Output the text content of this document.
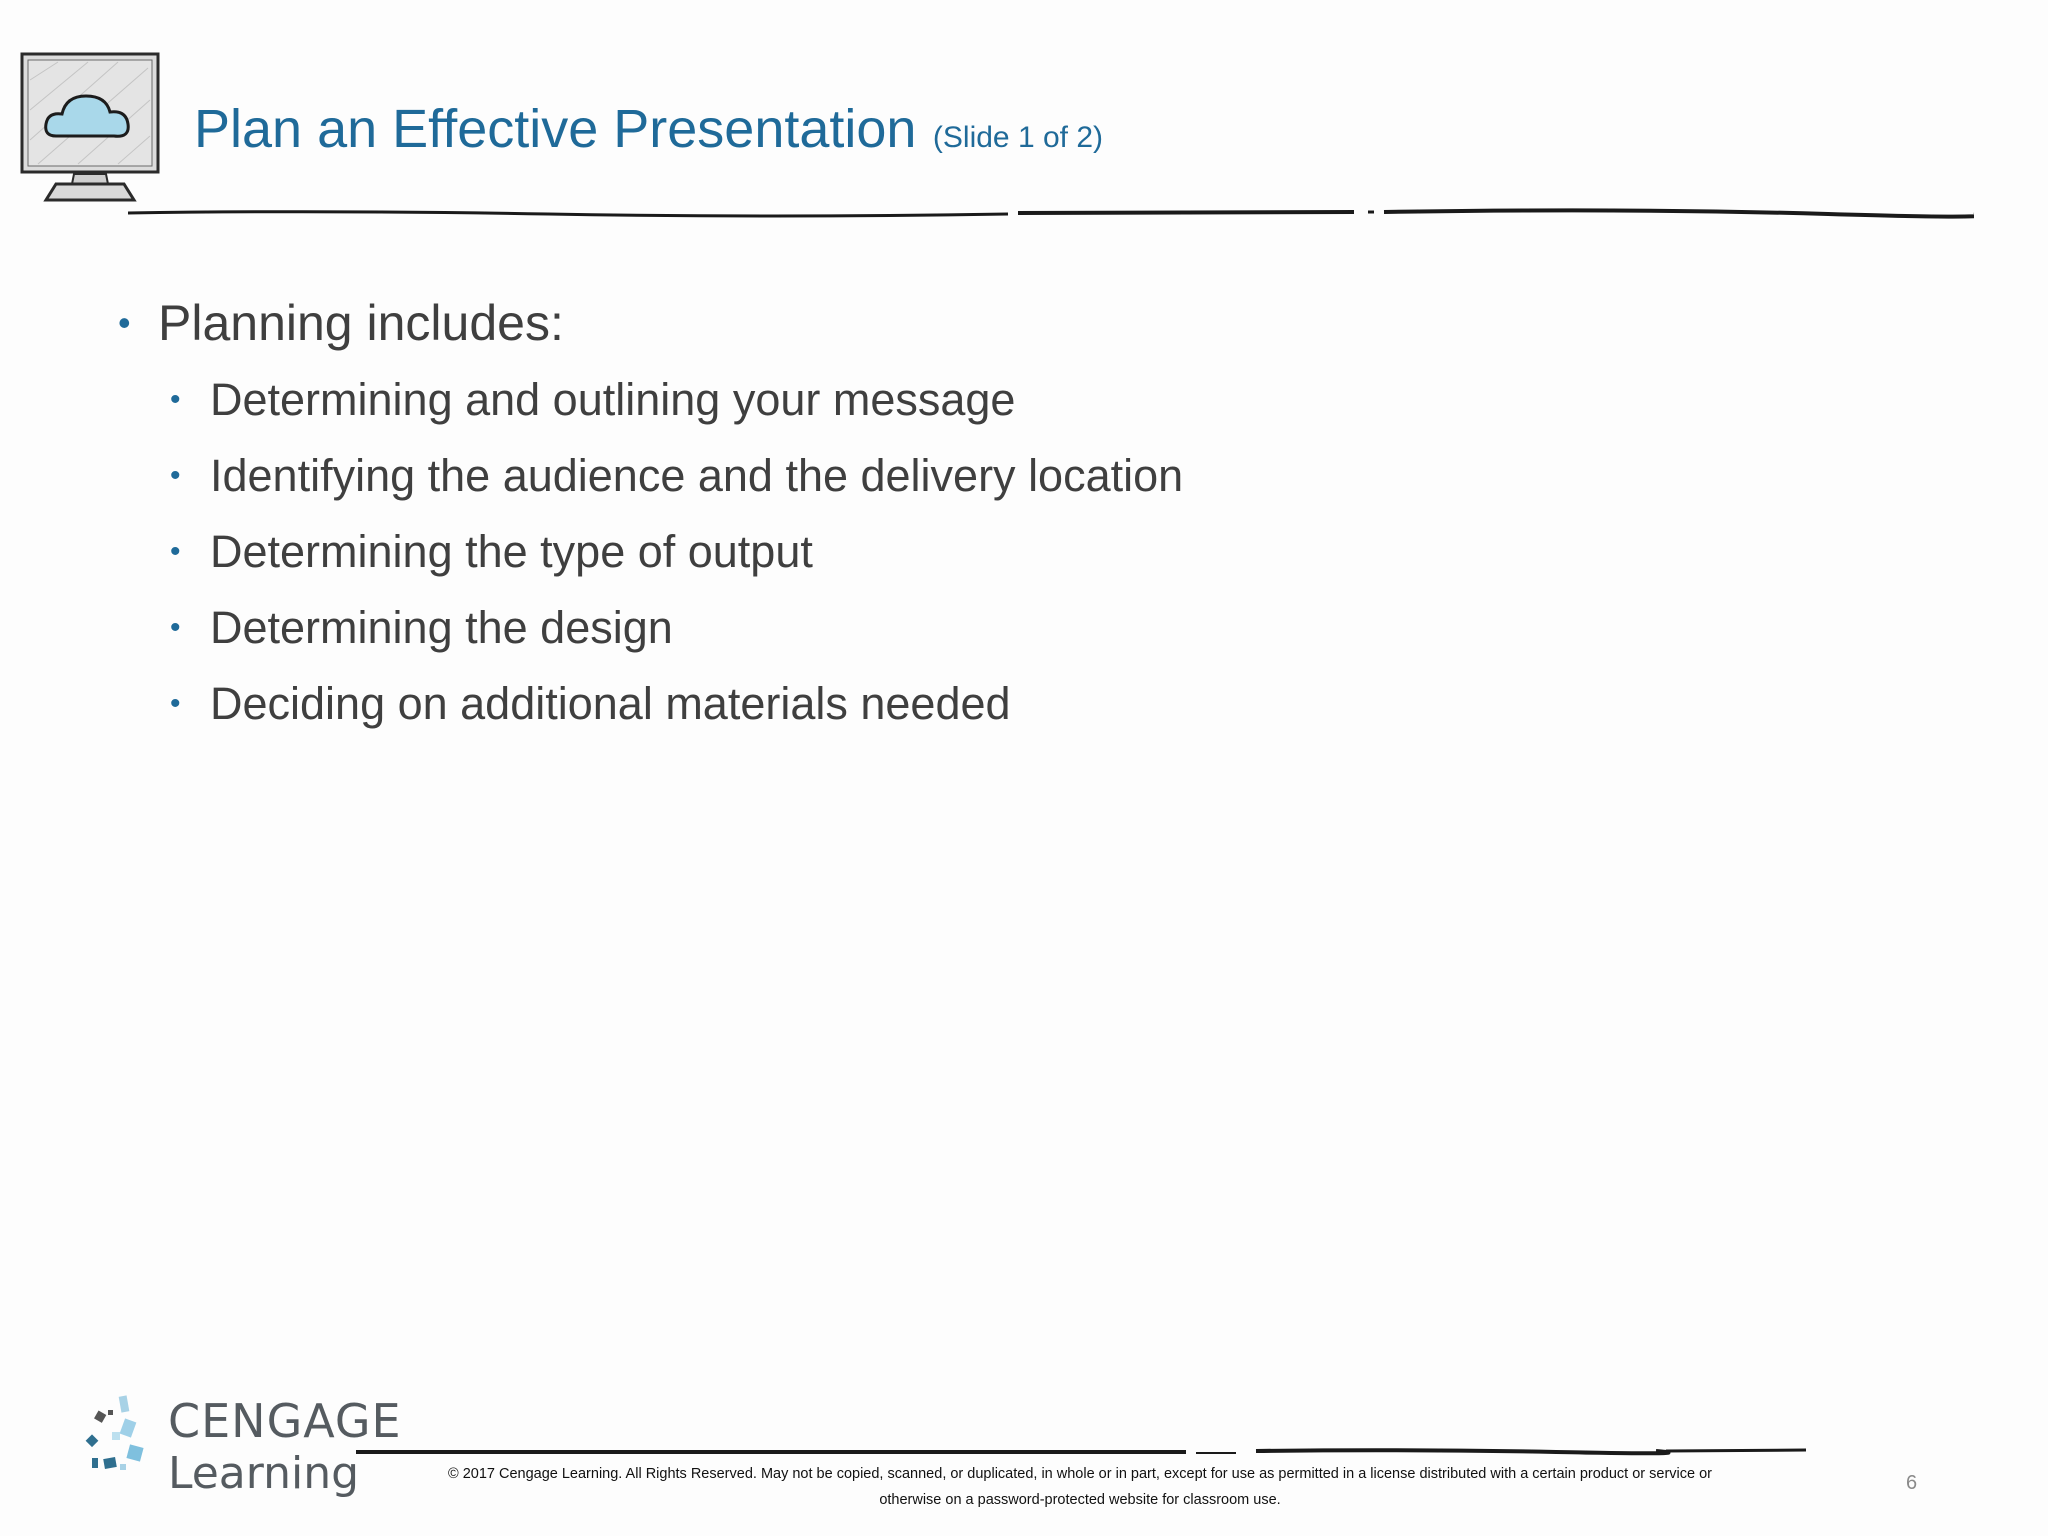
Plan an Effective Presentation (Slide 1 of 2)
• Planning includes:
• Determining and outlining your message
• Identifying the audience and the delivery location
• Determining the type of output
• Determining the design
• Deciding on additional materials needed
CENGAGE
Learning	© 2017 Cengage Learning. All Rights Reserved. May not be copied, scanned, or duplicated, in whole or in part, except for use as permitted in a license distributed with a certain product or service or
otherwise on a password-protected website for classroom use.
6
